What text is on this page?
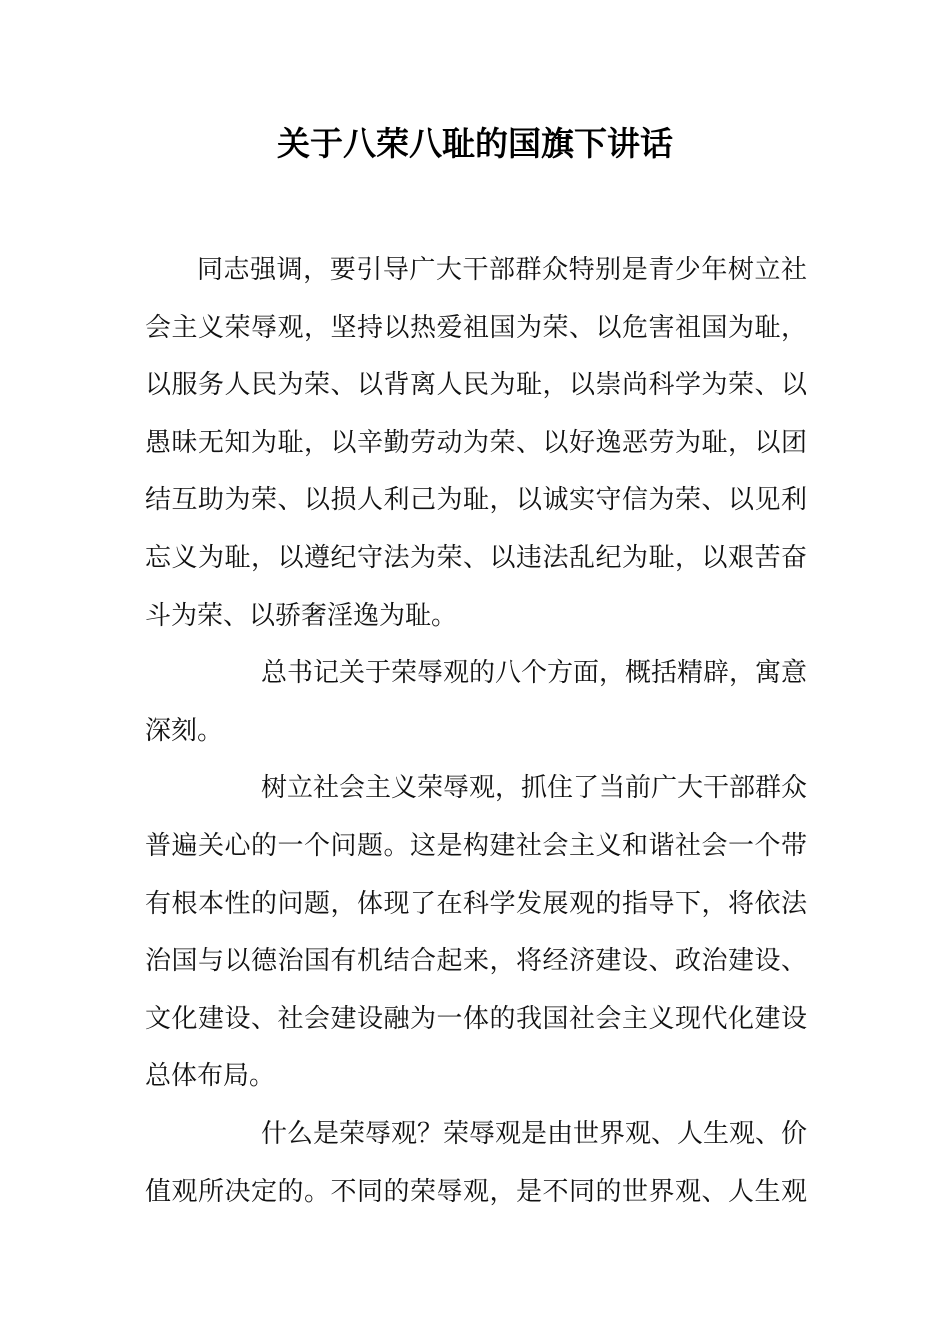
关于八荣八耻的国旗下讲话
同志强调，要引导广大干部群众特别是青少年树立社
会主义荣辱观，坚持以热爱祖国为荣、以危害祖国为耻，
以服务人民为荣、以背离人民为耻，以崇尚科学为荣、以
愚昧无知为耻，以辛勤劳动为荣、以好逸恶劳为耻，以团
结互助为荣、以损人利己为耻，以诚实守信为荣、以见利
忘义为耻，以遵纪守法为荣、以违法乱纪为耻，以艰苦奋
斗为荣、以骄奢淫逸为耻。
总书记关于荣辱观的八个方面，概括精辟，寓意
深刻。
树立社会主义荣辱观，抓住了当前广大干部群众
普遍关心的一个问题。这是构建社会主义和谐社会一个带
有根本性的问题，体现了在科学发展观的指导下，将依法
治国与以德治国有机结合起来，将经济建设、政治建设、
文化建设、社会建设融为一体的我国社会主义现代化建设
总体布局。
什么是荣辱观？荣辱观是由世界观、人生观、价
值观所决定的。不同的荣辱观，是不同的世界观、人生观
